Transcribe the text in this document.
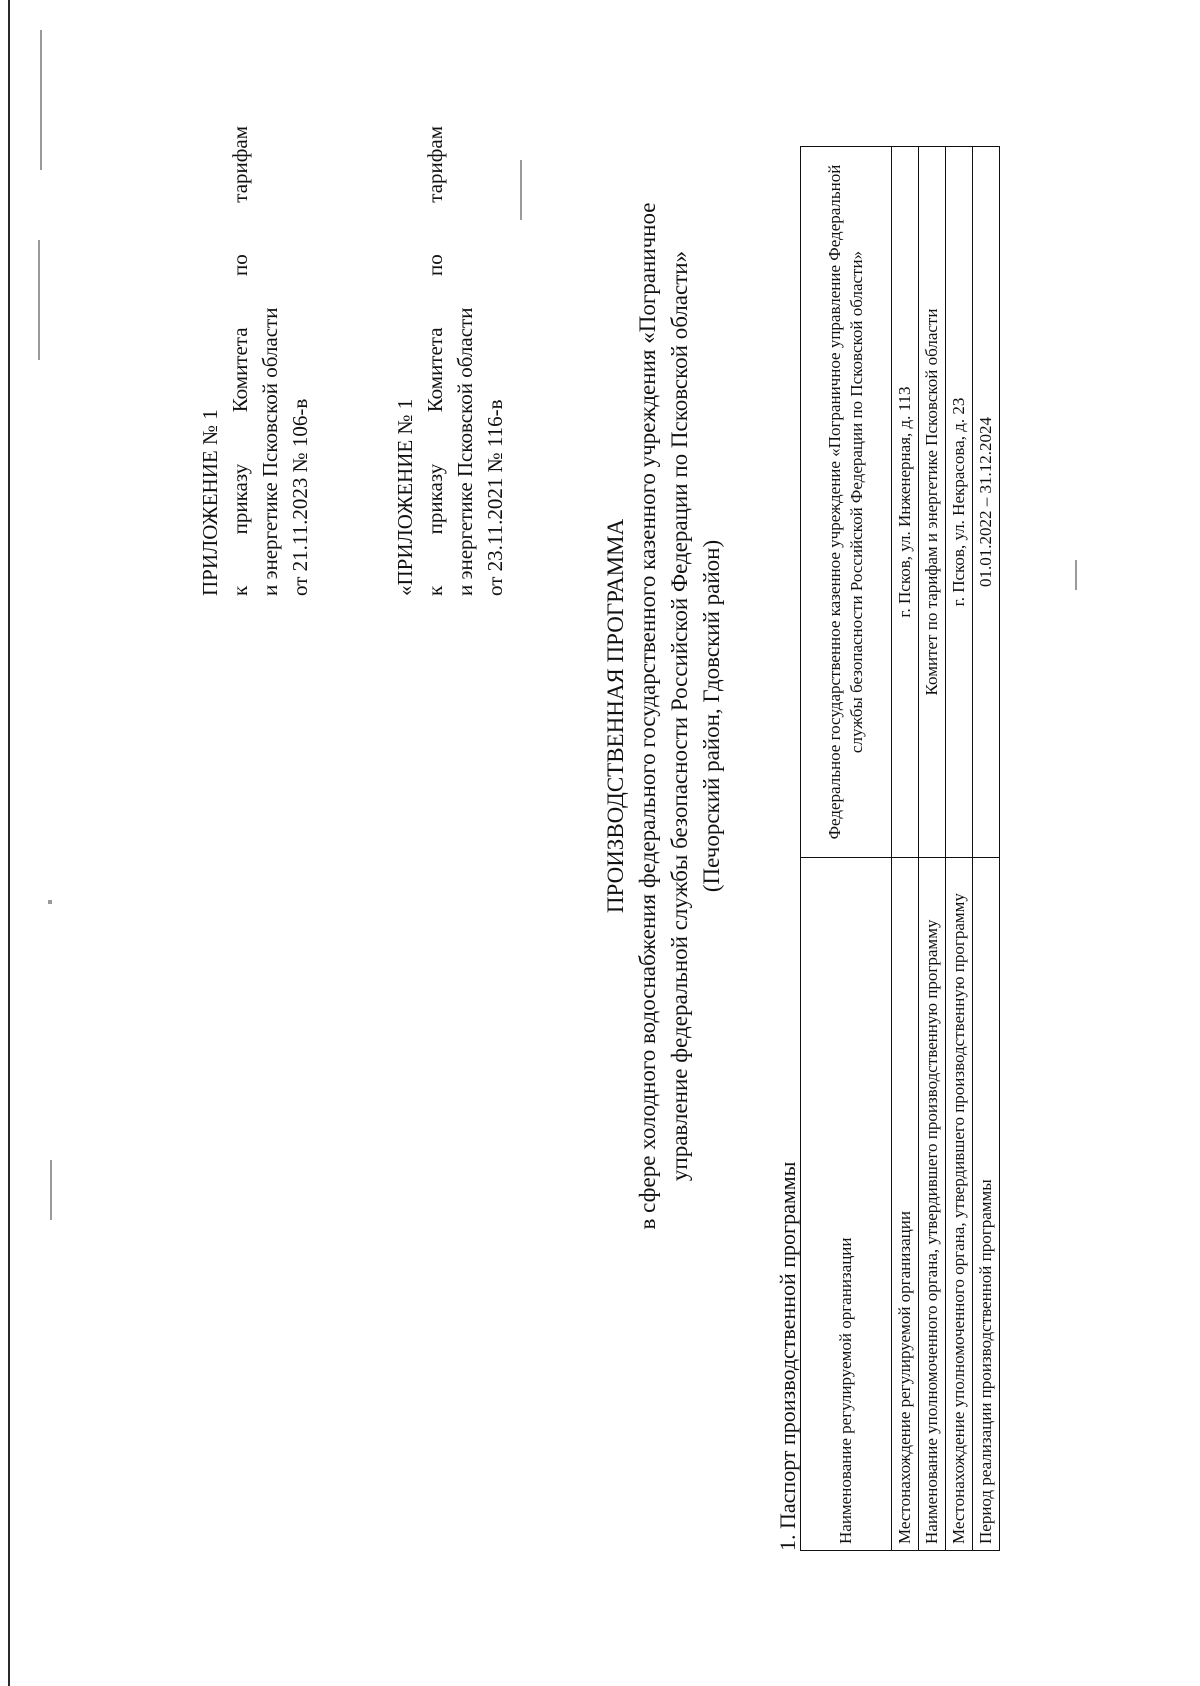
ПРИЛОЖЕНИЕ № 1 к
приказу
Комитета
по
тарифам
и энергетике Псковской области от 21.11.2023 № 106-в	«ПРИЛОЖЕНИЕ № 1 к
приказу
Комитета
по
тарифам
и энергетике Псковской области от 23.11.2021 № 116-в
ПРОИЗВОДСТВЕННАЯ ПРОГРАММА в сфере холодного водоснабжения федерального государственного казенного учреждения «Пограничное управление федеральной службы безопасности Российской Федерации по Псковской области» (Печорский район, Гдовский район)
1. Паспорт производственной программы Наименование регулируемой организации	Федеральное государственное казенное учреждение «Пограничное управление Федеральной службы безопасности Российской Федерации по Псковской области»
Местонахождение регулируемой организации	г. Псков, ул. Инженерная, д. 113
Наименование уполномоченного органа, утвердившего производственную программу	Комитет по тарифам и энергетике Псковской области
Местонахождение уполномоченного органа, утвердившего производственную программу	г. Псков, ул. Некрасова, д. 23
Период реализации производственной программы	01.01.2022 – 31.12.2024
